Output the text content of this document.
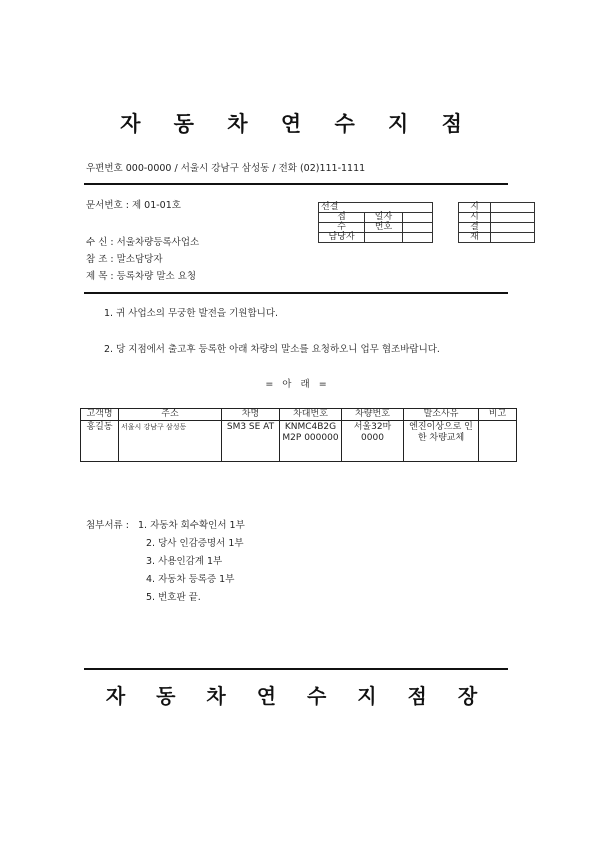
자 동 차 연 수 지 점
우편번호 000-0000 / 서울시 강남구 삼성동 / 전화 (02)111-1111
문서번호 : 제 01-01호	선결				지	
접	일자			시	
수	번호			결	
담당자				재	
수 신 : 서울차량등록사업소
참 조 : 말소담당자
제 목 : 등록차량 말소 요청
1. 귀 사업소의 무궁한 발전을 기원합니다.
2. 당 지점에서 출고후 등록한 아래 차량의 말소를 요청하오니 업무 협조바랍니다.
= 아 래 =
고객명	주소	차명	차대번호	차량번호	말소사유	비고
홍길동	서울시 강남구 삼성동	SM3 SE AT	KNMC4B2G M2P 000000	서울32마 0000	엔진이상으로 인한 차량교체	
첨부서류 : 1. 자동차 회수확인서 1부
2. 당사 인감증명서 1부
3. 사용인감계 1부
4. 자동차 등록증 1부
5. 번호판 끝.
자 동 차 연 수 지 점 장
